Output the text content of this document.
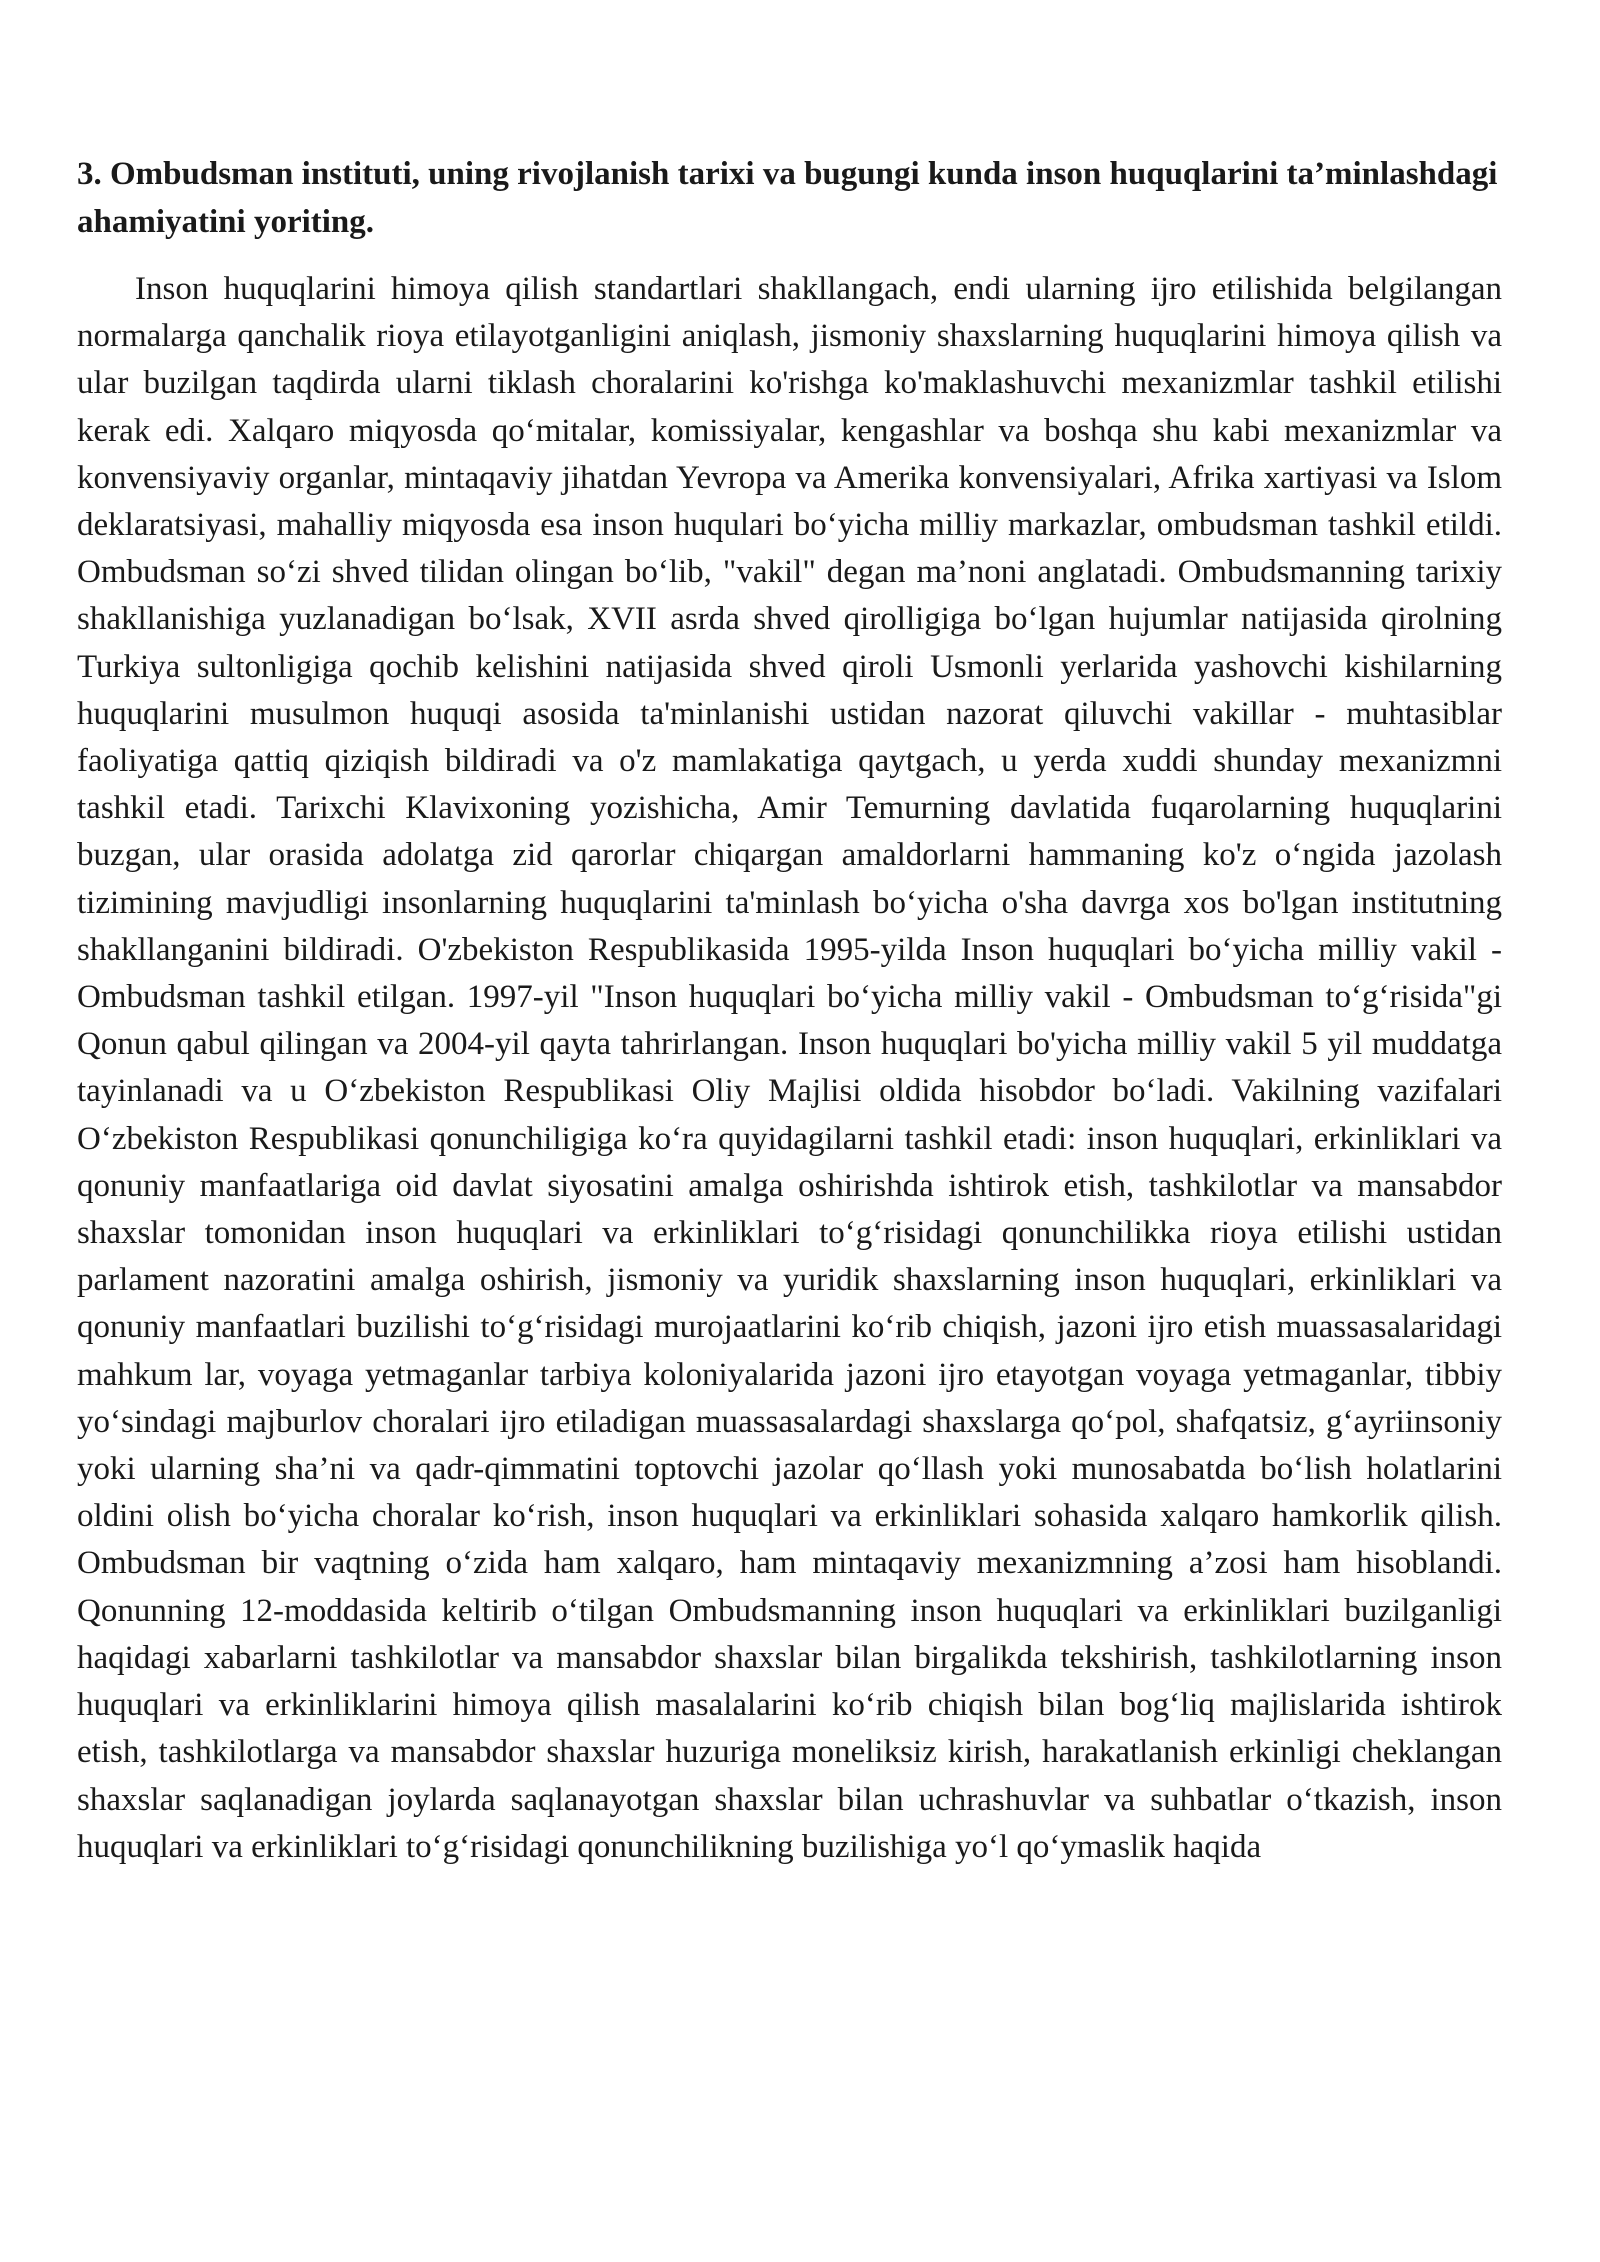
3. Ombudsman instituti, uning rivojlanish tarixi va bugungi kunda inson huquqlarini ta’minlashdagi ahamiyatini yoriting.

Inson huquqlarini himoya qilish standartlari shakllangach, endi ularning ijro etilishida belgilangan normalarga qanchalik rioya etilayotganligini aniqlash, jismoniy shaxslarning huquqlarini himoya qilish va ular buzilgan taqdirda ularni tiklash choralarini ko'rishga ko'maklashuvchi mexanizmlar tashkil etilishi kerak edi. Xalqaro miqyosda qo‘mitalar, komissiyalar, kengashlar va boshqa shu kabi mexanizmlar va konvensiyaviy organlar, mintaqaviy jihatdan Yevropa va Amerika konvensiyalari, Afrika xartiyasi va Islom deklaratsiyasi, mahalliy miqyosda esa inson huqulari bo‘yicha milliy markazlar, ombudsman tashkil etildi. Ombudsman so‘zi shved tilidan olingan bo‘lib, "vakil" degan ma’noni anglatadi. Ombudsmanning tarixiy shakllanishiga yuzlanadigan bo‘lsak, XVII asrda shved qirolligiga bo‘lgan hujumlar natijasida qirolning Turkiya sultonligiga qochib kelishini natijasida shved qiroli Usmonli yerlarida yashovchi kishilarning huquqlarini musulmon huquqi asosida ta'minlanishi ustidan nazorat qiluvchi vakillar - muhtasiblar faoliyatiga qattiq qiziqish bildiradi va o'z mamlakatiga qaytgach, u yerda xuddi shunday mexanizmni tashkil etadi. Tarixchi Klavixoning yozishicha, Amir Temurning davlatida fuqarolarning huquqlarini buzgan, ular orasida adolatga zid qarorlar chiqargan amaldorlarni hammaning ko'z o‘ngida jazolash tizimining mavjudligi insonlarning huquqlarini ta'minlash bo‘yicha o'sha davrga xos bo'lgan institutning shakllanganini bildiradi. O'zbekiston Respublikasida 1995-yilda Inson huquqlari bo‘yicha milliy vakil - Ombudsman tashkil etilgan. 1997-yil "Inson huquqlari bo‘yicha milliy vakil - Ombudsman to‘g‘risida"gi Qonun qabul qilingan va 2004-yil qayta tahrirlangan. Inson huquqlari bo'yicha milliy vakil 5 yil muddatga tayinlanadi va u O‘zbekiston Respublikasi Oliy Majlisi oldida hisobdor bo‘ladi. Vakilning vazifalari O‘zbekiston Respublikasi qonunchiligiga ko‘ra quyidagilarni tashkil etadi: inson huquqlari, erkinliklari va qonuniy manfaatlariga oid davlat siyosatini amalga oshirishda ishtirok etish, tashkilotlar va mansabdor shaxslar tomonidan inson huquqlari va erkinliklari to‘g‘risidagi qonunchilikka rioya etilishi ustidan parlament nazoratini amalga oshirish, jismoniy va yuridik shaxslarning inson huquqlari, erkinliklari va qonuniy manfaatlari buzilishi to‘g‘risidagi murojaatlarini ko‘rib chiqish, jazoni ijro etish muassasalaridagi mahkum lar, voyaga yetmaganlar tarbiya koloniyalarida jazoni ijro etayotgan voyaga yetmaganlar, tibbiy yo‘sindagi majburlov choralari ijro etiladigan muassasalardagi shaxslarga qo‘pol, shafqatsiz, g‘ayriinsoniy yoki ularning sha’ni va qadr-qimmatini toptovchi jazolar qo‘llash yoki munosabatda bo‘lish holatlarini oldini olish bo‘yicha choralar ko‘rish, inson huquqlari va erkinliklari sohasida xalqaro hamkorlik qilish. Ombudsman bir vaqtning o‘zida ham xalqaro, ham mintaqaviy mexanizmning a’zosi ham hisoblandi. Qonunning 12-moddasida keltirib o‘tilgan Ombudsmanning inson huquqlari va erkinliklari buzilganligi haqidagi xabarlarni tashkilotlar va mansabdor shaxslar bilan birgalikda tekshirish, tashkilotlarning inson huquqlari va erkinliklarini himoya qilish masalalarini ko‘rib chiqish bilan bog‘liq majlislarida ishtirok etish, tashkilotlarga va mansabdor shaxslar huzuriga moneliksiz kirish, harakatlanish erkinligi cheklangan shaxslar saqlanadigan joylarda saqlanayotgan shaxslar bilan uchrashuvlar va suhbatlar o‘tkazish, inson huquqlari va erkinliklari to‘g‘risidagi qonunchilikning buzilishiga yo‘l qo‘ymaslik haqida
